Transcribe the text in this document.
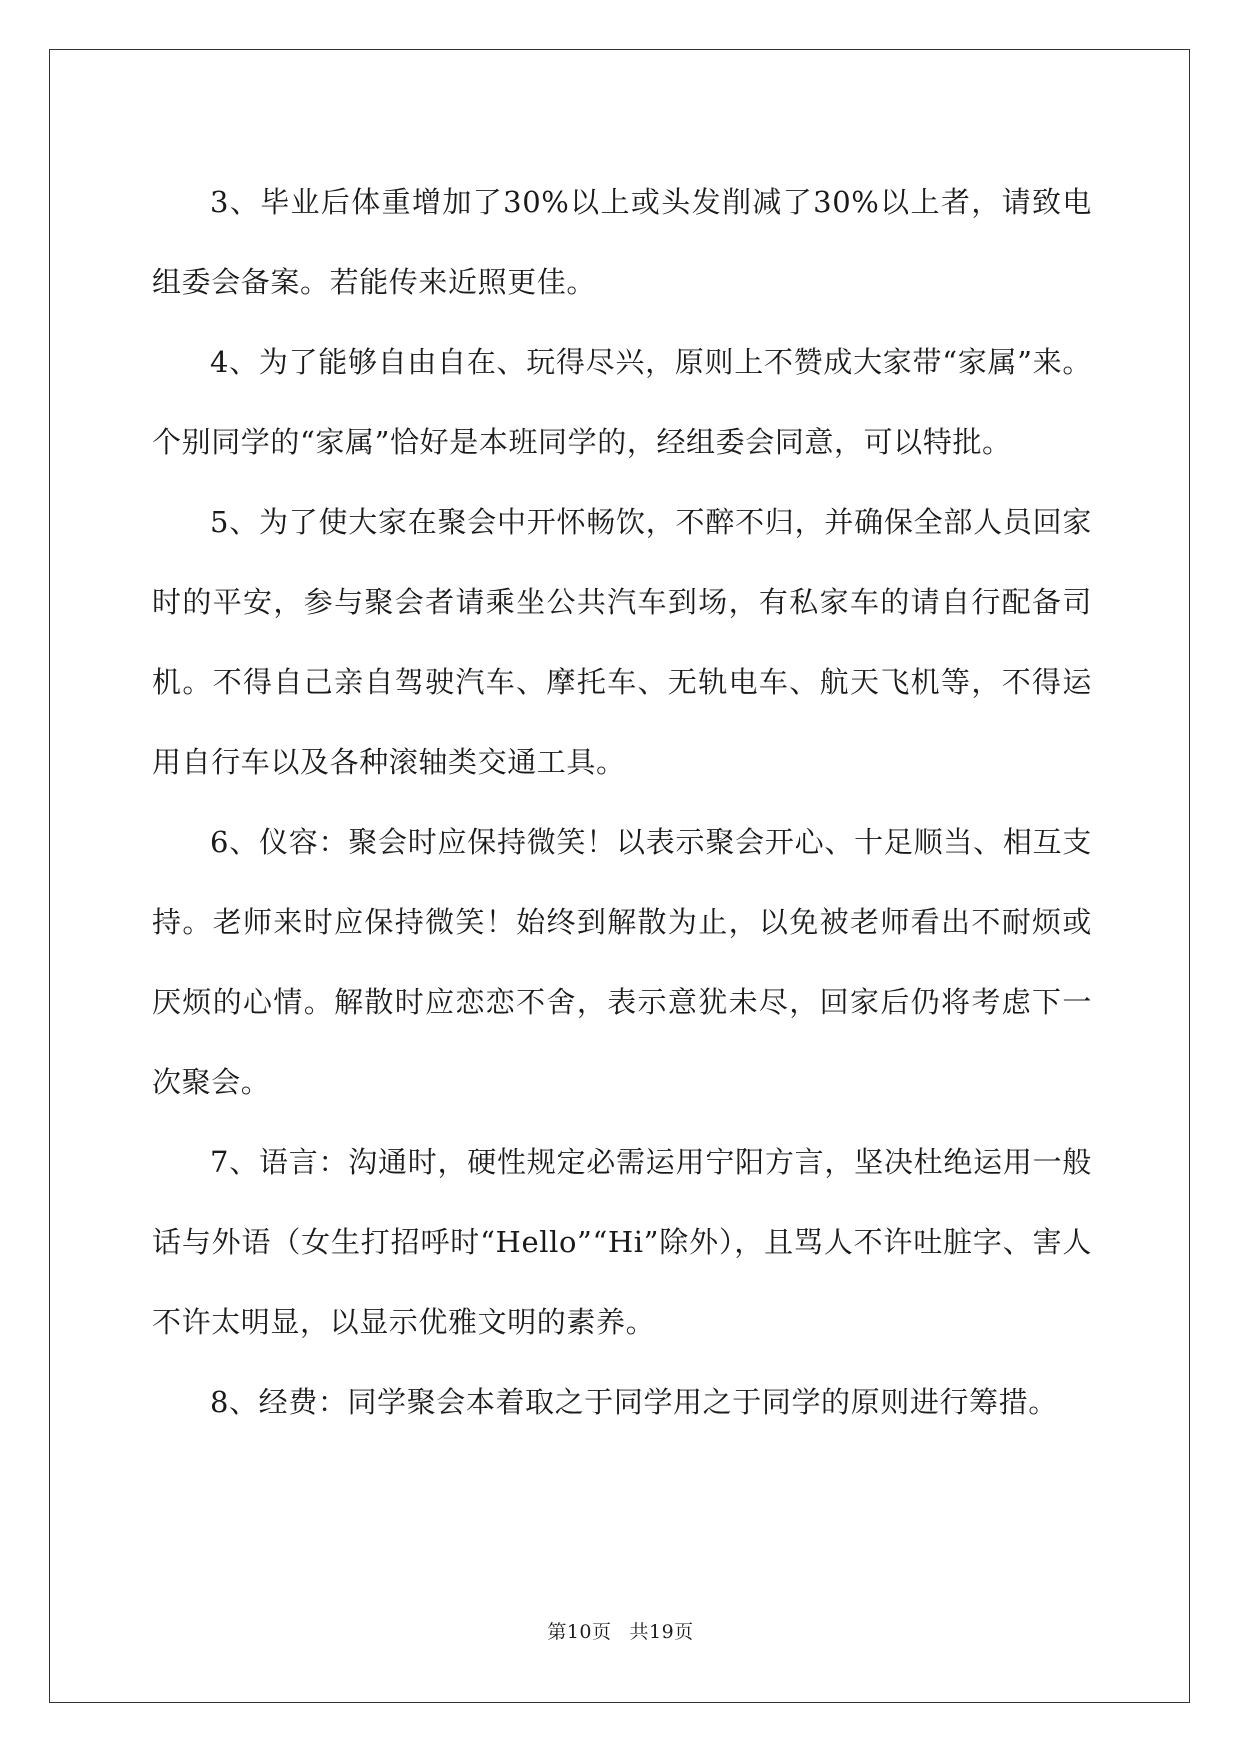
3、毕业后体重增加了30%以上或头发削减了30%以上者，请致电组委会备案。若能传来近照更佳。

4、为了能够自由自在、玩得尽兴，原则上不赞成大家带“家属”来。个别同学的“家属”恰好是本班同学的，经组委会同意，可以特批。

5、为了使大家在聚会中开怀畅饮，不醉不归，并确保全部人员回家时的平安，参与聚会者请乘坐公共汽车到场，有私家车的请自行配备司机。不得自己亲自驾驶汽车、摩托车、无轨电车、航天飞机等，不得运用自行车以及各种滚轴类交通工具。

6、仪容：聚会时应保持微笑！以表示聚会开心、十足顺当、相互支持。老师来时应保持微笑！始终到解散为止，以免被老师看出不耐烦或厌烦的心情。解散时应恋恋不舍，表示意犹未尽，回家后仍将考虑下一次聚会。

7、语言：沟通时，硬性规定必需运用宁阳方言，坚决杜绝运用一般话与外语（女生打招呼时“Hello”“Hi”除外），且骂人不许吐脏字、害人不许太明显，以显示优雅文明的素养。

8、经费：同学聚会本着取之于同学用之于同学的原则进行筹措。

第10页 共19页
